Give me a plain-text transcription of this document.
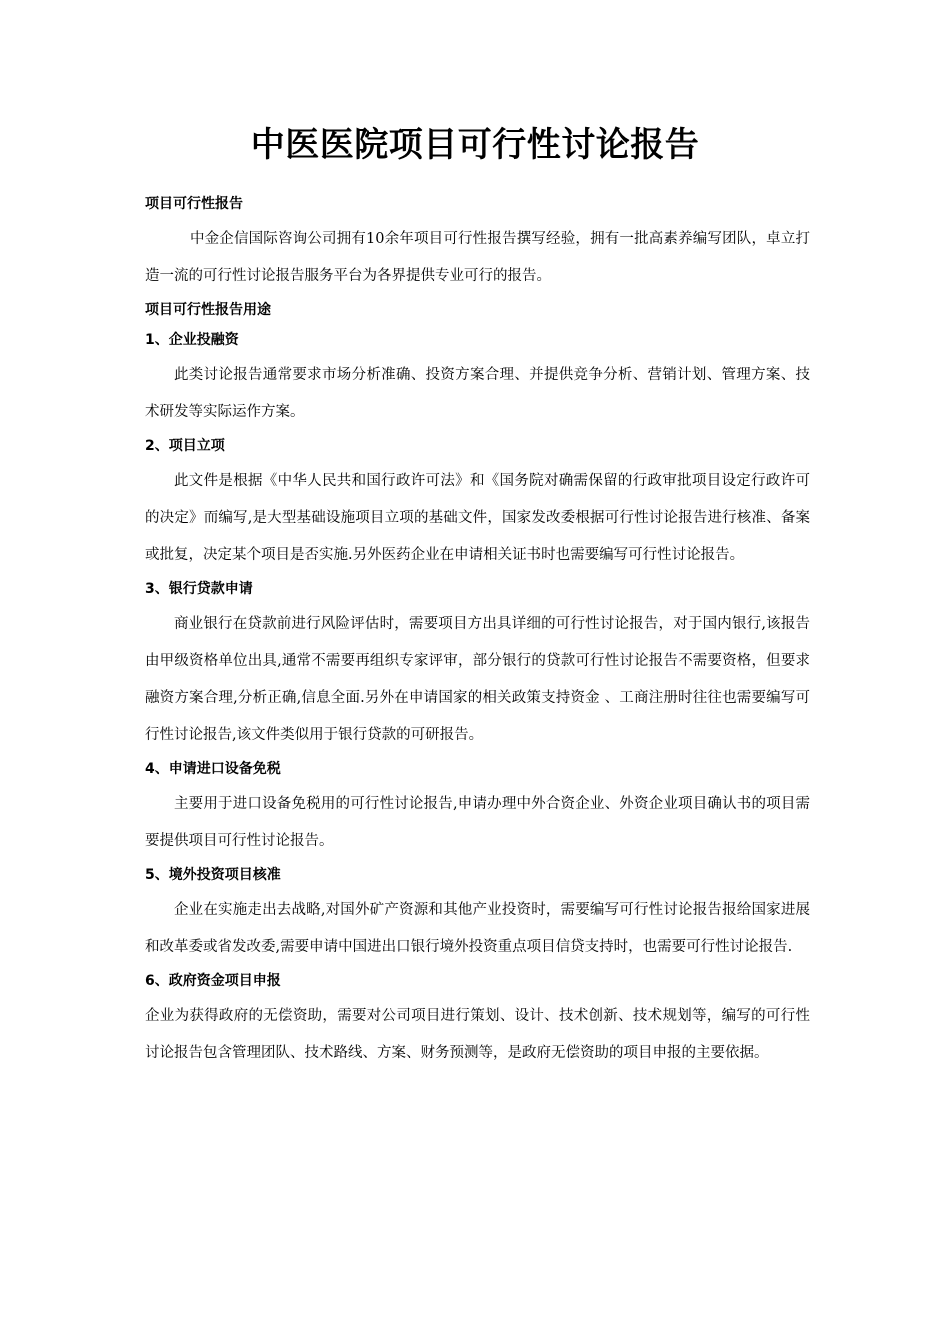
中医医院项目可行性讨论报告
项目可行性报告

中金企信国际咨询公司拥有10余年项目可行性报告撰写经验，拥有一批高素养编写团队，卓立打造一流的可行性讨论报告服务平台为各界提供专业可行的报告。

项目可行性报告用途
1、企业投融资

此类讨论报告通常要求市场分析准确、投资方案合理、并提供竞争分析、营销计划、管理方案、技术研发等实际运作方案。

2、项目立项

此文件是根据《中华人民共和国行政许可法》和《国务院对确需保留的行政审批项目设定行政许可的决定》而编写,是大型基础设施项目立项的基础文件，国家发改委根据可行性讨论报告进行核准、备案或批复，决定某个项目是否实施.另外医药企业在申请相关证书时也需要编写可行性讨论报告。

3、银行贷款申请

商业银行在贷款前进行风险评估时，需要项目方出具详细的可行性讨论报告，对于国内银行,该报告由甲级资格单位出具,通常不需要再组织专家评审，部分银行的贷款可行性讨论报告不需要资格，但要求融资方案合理,分析正确,信息全面.另外在申请国家的相关政策支持资金 、工商注册时往往也需要编写可行性讨论报告,该文件类似用于银行贷款的可研报告。

4、申请进口设备免税

主要用于进口设备免税用的可行性讨论报告,申请办理中外合资企业、外资企业项目确认书的项目需要提供项目可行性讨论报告。

5、境外投资项目核准

企业在实施走出去战略,对国外矿产资源和其他产业投资时，需要编写可行性讨论报告报给国家进展和改革委或省发改委,需要申请中国进出口银行境外投资重点项目信贷支持时，也需要可行性讨论报告.

6、政府资金项目申报

企业为获得政府的无偿资助，需要对公司项目进行策划、设计、技术创新、技术规划等，编写的可行性讨论报告包含管理团队、技术路线、方案、财务预测等，是政府无偿资助的项目申报的主要依据。
